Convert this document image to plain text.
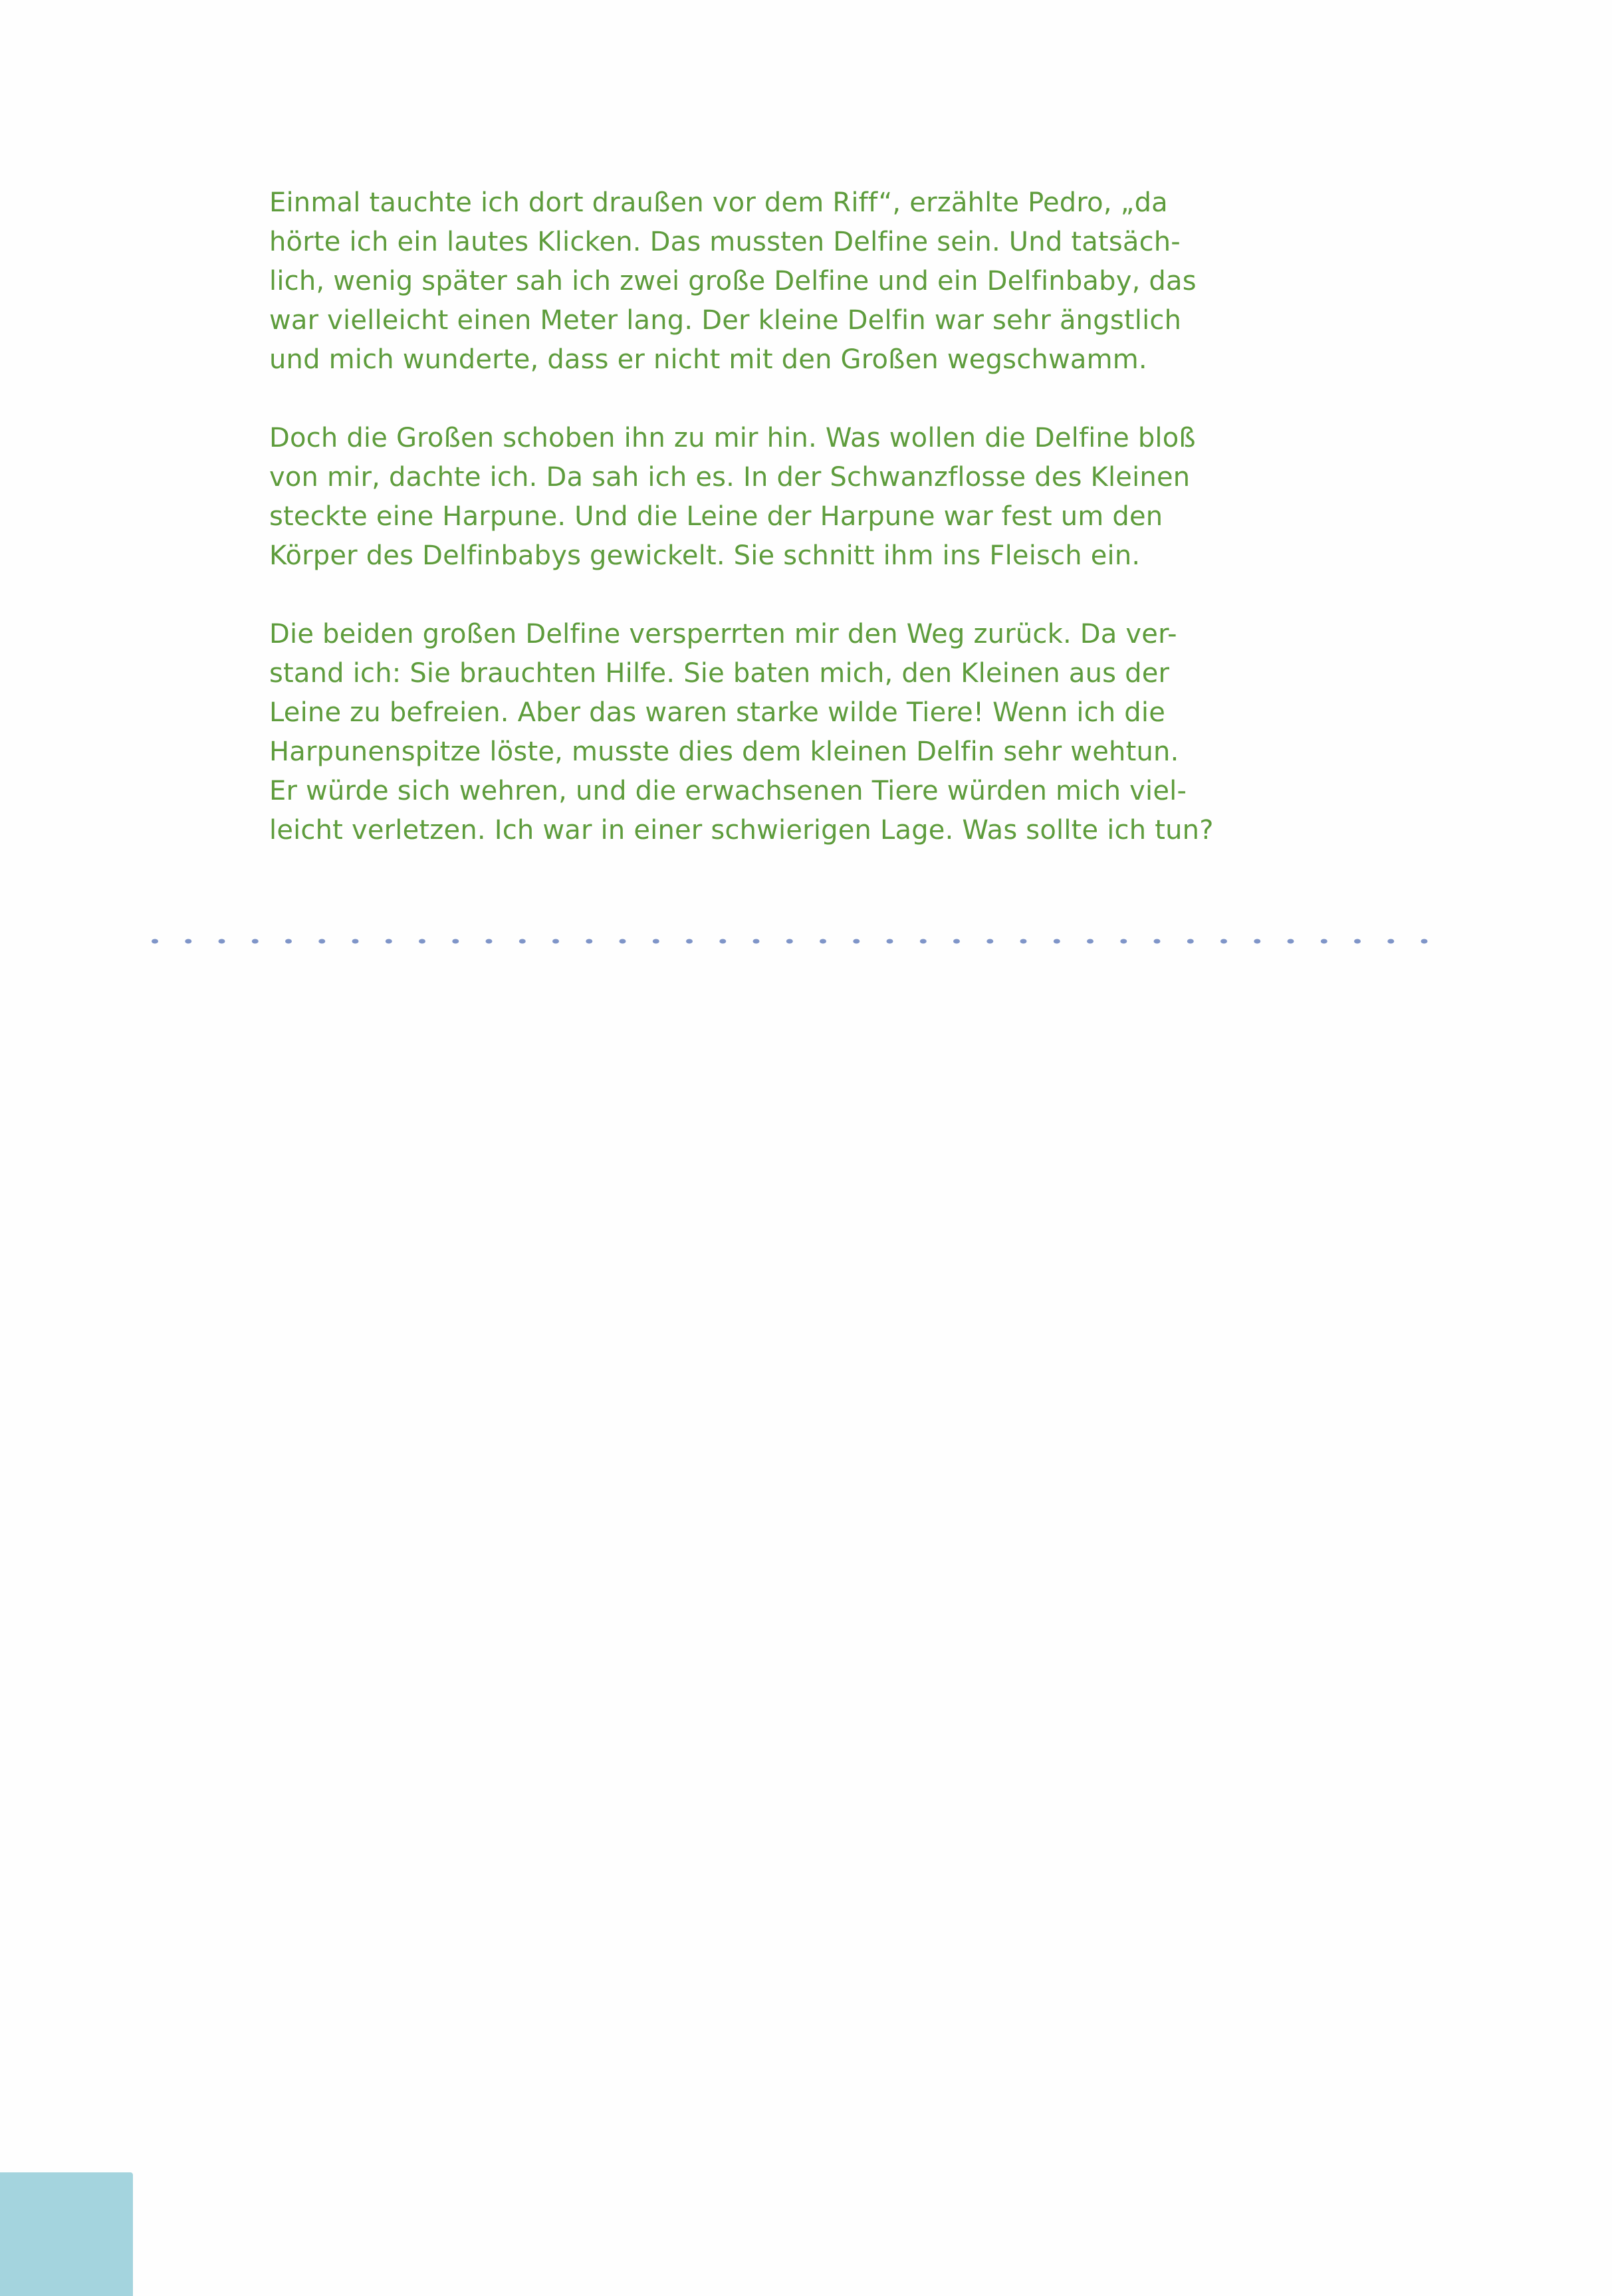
Einmal tauchte ich dort draußen vor dem Riff“, erzählte Pedro, „da
hörte ich ein lautes Klicken. Das mussten Delfine sein. Und tatsäch-
lich, wenig später sah ich zwei große Delfine und ein Delfinbaby, das
war vielleicht einen Meter lang. Der kleine Delfin war sehr ängstlich
und mich wunderte, dass er nicht mit den Großen wegschwamm.

Doch die Großen schoben ihn zu mir hin. Was wollen die Delfine bloß
von mir, dachte ich. Da sah ich es. In der Schwanzflosse des Kleinen
steckte eine Harpune. Und die Leine der Harpune war fest um den
Körper des Delfinbabys gewickelt. Sie schnitt ihm ins Fleisch ein.

Die beiden großen Delfine versperrten mir den Weg zurück. Da ver-
stand ich: Sie brauchten Hilfe. Sie baten mich, den Kleinen aus der
Leine zu befreien. Aber das waren starke wilde Tiere! Wenn ich die
Harpunenspitze löste, musste dies dem kleinen Delfin sehr wehtun.
Er würde sich wehren, und die erwachsenen Tiere würden mich viel-
leicht verletzen. Ich war in einer schwierigen Lage. Was sollte ich tun?
